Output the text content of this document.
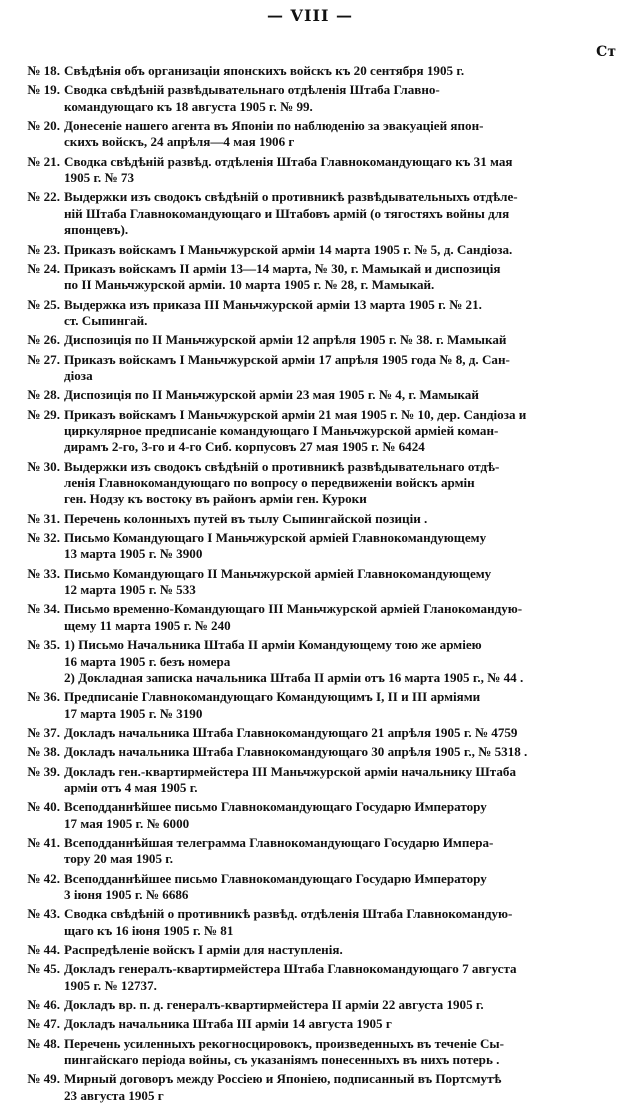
— VIII —
Ст
№ 18. Свѣдѣнія объ организаціи японскихъ войскъ къ 20 сентября 1905 г.
№ 19. Сводка свѣдѣній развѣдывательнаго отдѣленія Штаба Главно-
командующаго къ 18 августа 1905 г. № 99.
№ 20. Донесеніе нашего агента въ Японіи по наблюденію за эвакуаціей япон-
скихъ войскъ, 24 апрѣля—4 мая 1906 г
№ 21. Сводка свѣдѣній развѣд. отдѣленія Штаба Главнокомандующаго къ 31 мая
1905 г. № 73
№ 22. Выдержки изъ сводокъ свѣдѣній о противникѣ развѣдывательныхъ отдѣле-
ній Штаба Главнокомандующаго и Штабовъ армій (о тягостяхъ войны для
японцевъ).
№ 23. Приказъ войскамъ I Маньчжурской арміи 14 марта 1905 г. № 5, д. Сандіоза.
№ 24. Приказъ войскамъ II арміи 13—14 марта, № 30, г. Мамыкай и диспозиція
по II Маньчжурской арміи. 10 марта 1905 г. № 28, г. Мамыкай.
№ 25. Выдержка изъ приказа III Маньчжурской арміи 13 марта 1905 г. № 21.
ст. Сыпингай.
№ 26. Диспозиція по II Маньчжурской арміи 12 апрѣля 1905 г. № 38. г. Мамыкай
№ 27. Приказъ войскамъ I Маньчжурской арміи 17 апрѣля 1905 года № 8, д. Сан-
діоза
№ 28. Диспозиція по II Маньчжурской арміи 23 мая 1905 г. № 4, г. Мамыкай
№ 29. Приказъ войскамъ I Маньчжурской арміи 21 мая 1905 г. № 10, дер. Сандіоза и
циркулярное предписаніе командующаго I Маньчжурской арміей коман-
дирамъ 2-го, 3-го и 4-го Сиб. корпусовъ 27 мая 1905 г. № 6424
№ 30. Выдержки изъ сводокъ свѣдѣній о противникѣ развѣдывательнаго отдѣ-
ленія Главнокомандующаго по вопросу о передвиженіи войскъ армін
ген. Нодзу къ востоку въ районъ арміи ген. Куроки
№ 31. Перечень колонныхъ путей въ тылу Сыпингайской позиціи .
№ 32. Письмо Командующаго I Маньчжурской арміей Главнокомандующему
13 марта 1905 г. № 3900
№ 33. Письмо Командующаго II Маньчжурской арміей Главнокомандующему
12 марта 1905 г. № 533
№ 34. Письмо временно-Командующаго III Маньчжурской арміей Гланокомандую-
щему 11 марта 1905 г. № 240
№ 35. 1) Письмо Начальника Штаба II арміи Командующему тою же арміею
16 марта 1905 г. безъ номера
2) Докладная записка начальника Штаба II арміи отъ 16 марта 1905 г., № 44 .
№ 36. Предписаніе Главнокомандующаго Командующимъ I, II и III арміями
17 марта 1905 г. № 3190
№ 37. Докладъ начальника Штаба Главнокомандующаго 21 апрѣля 1905 г. № 4759
№ 38. Докладъ начальника Штаба Главнокомандующаго 30 апрѣля 1905 г., № 5318 .
№ 39. Докладъ ген.-квартирмейстера III Маньчжурской арміи начальнику Штаба
арміи отъ 4 мая 1905 г.
№ 40. Всеподданнѣйшее письмо Главнокомандующаго Государю Императору
17 мая 1905 г. № 6000
№ 41. Всеподданнѣйшая телеграмма Главнокомандующаго Государю Импера-
тору 20 мая 1905 г.
№ 42. Всеподданнѣйшее письмо Главнокомандующаго Государю Императору
3 іюня 1905 г. № 6686
№ 43. Сводка свѣдѣній о противникѣ развѣд. отдѣленія Штаба Главнокомандую-
щаго къ 16 іюня 1905 г. № 81
№ 44. Распредѣленіе войскъ I арміи для наступленія.
№ 45. Докладъ генералъ-квартирмейстера Штаба Главнокомандующаго 7 августа
1905 г. № 12737.
№ 46. Докладъ вр. п. д. генералъ-квартирмейстера II арміи 22 августа 1905 г.
№ 47. Докладъ начальника Штаба III арміи 14 августа 1905 г
№ 48. Перечень усиленныхъ рекогносцировокъ, произведенныхъ въ теченіе Сы-
пингайскаго періода войны, съ указаніямъ понесенныхъ въ нихъ потерь .
№ 49. Мирный договоръ между Россіею и Японіею, подписанный въ Портсмутѣ
23 августа 1905 г
